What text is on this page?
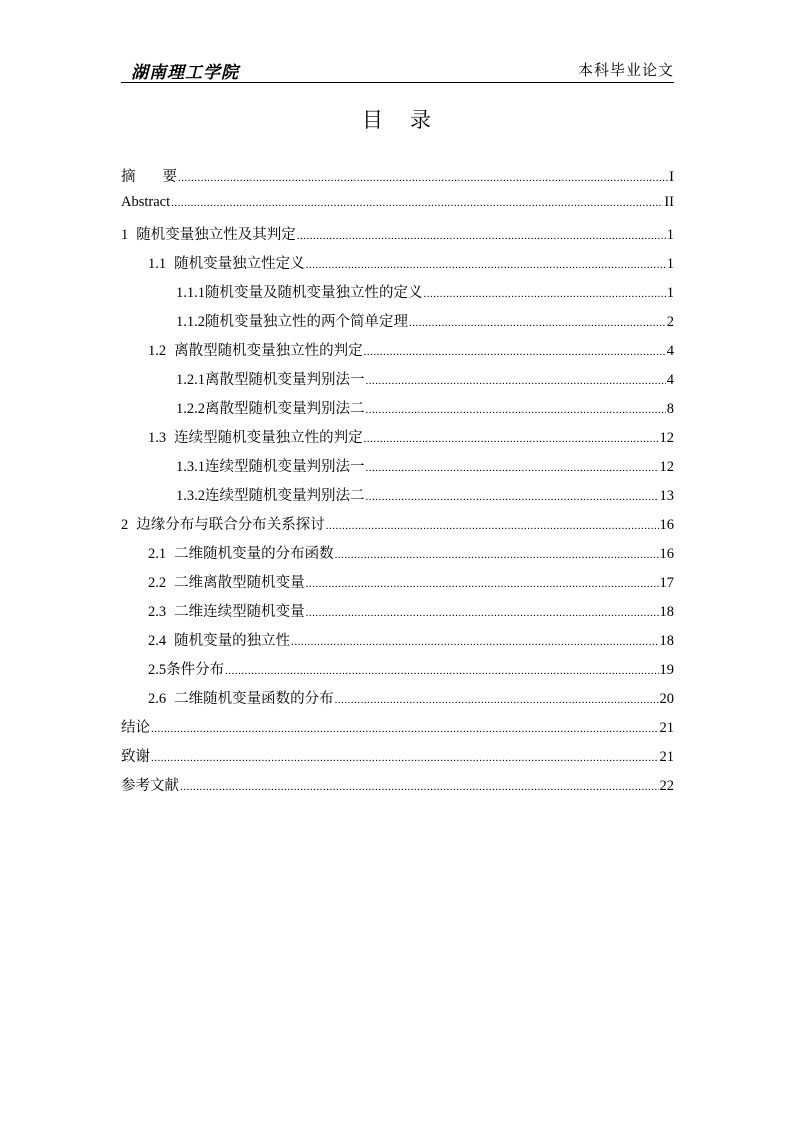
湖南理工学院	本科毕业论文
目 录
摘　要 .....	I
Abstract .....	II
1 随机变量独立性及其判定 .....	1
1.1 随机变量独立性定义 .....	1
1.1.1随机变量及随机变量独立性的定义 .....	1
1.1.2随机变量独立性的两个简单定理 .....	2
1.2 离散型随机变量独立性的判定 .....	4
1.2.1离散型随机变量判别法一 .....	4
1.2.2离散型随机变量判别法二 .....	8
1.3 连续型随机变量独立性的判定 .....	12
1.3.1连续型随机变量判别法一 .....	12
1.3.2连续型随机变量判别法二 .....	13
2 边缘分布与联合分布关系探讨 .....	16
2.1 二维随机变量的分布函数 .....	16
2.2 二维离散型随机变量 .....	17
2.3 二维连续型随机变量 .....	18
2.4 随机变量的独立性 .....	18
2.5条件分布 .....	19
2.6 二维随机变量函数的分布 .....	20
结论 .....	21
致谢 .....	21
参考文献 .....	22
